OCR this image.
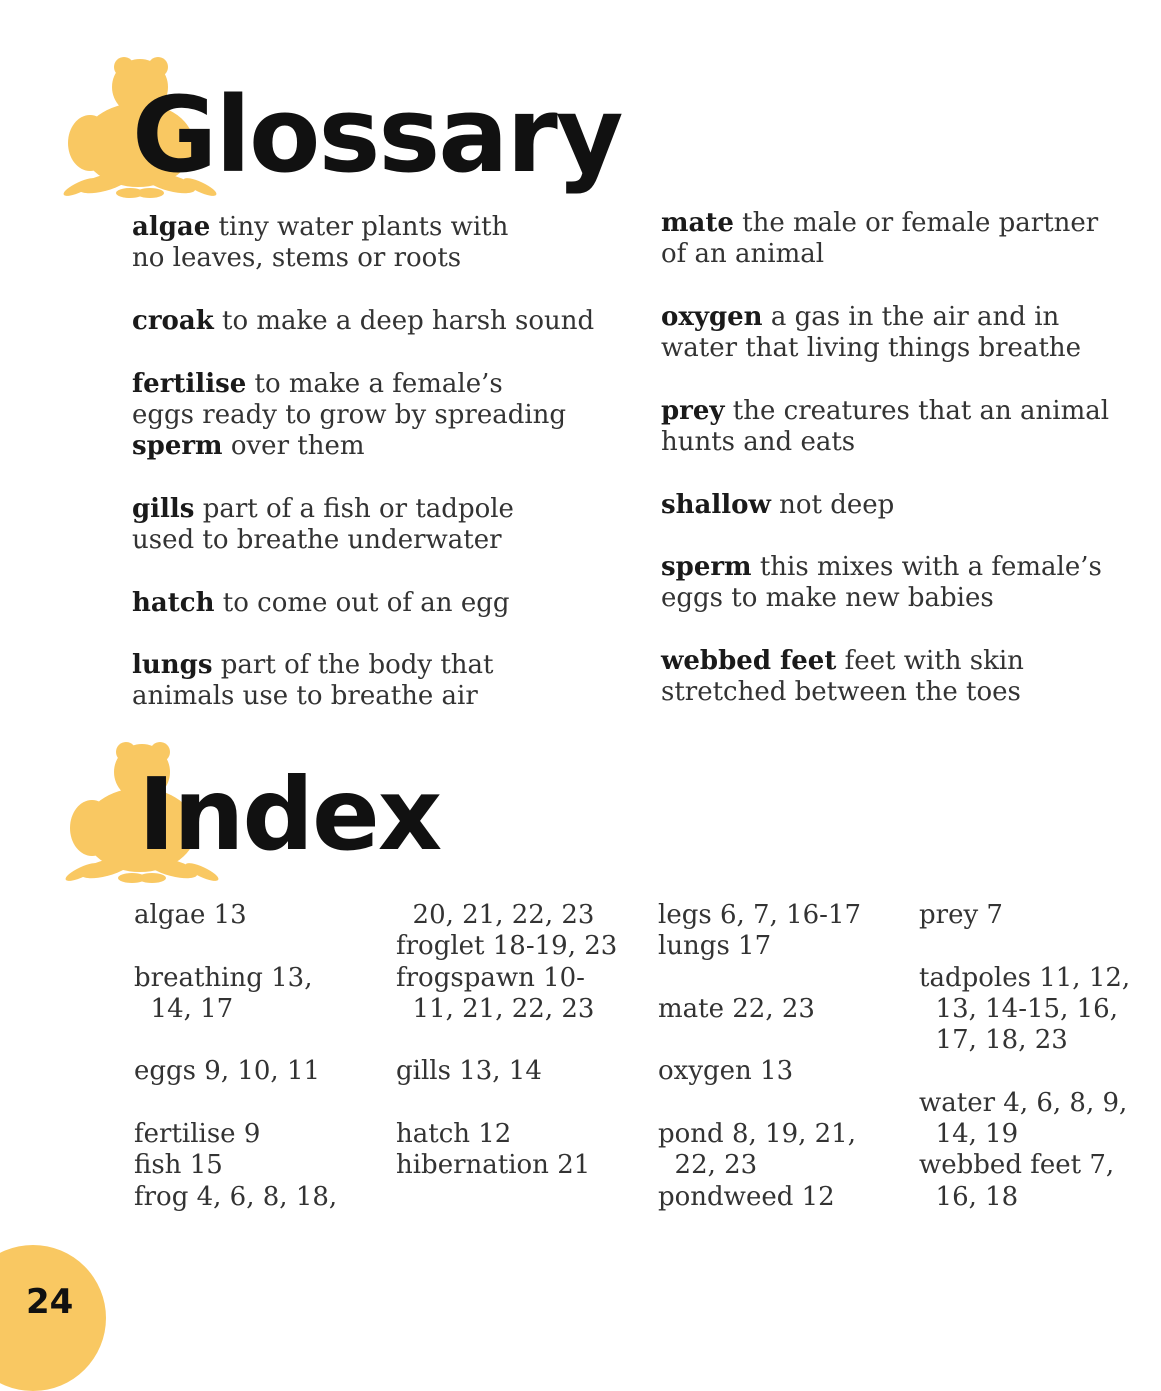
Glossary
algae tiny water plants with
no leaves, stems or roots
croak to make a deep harsh sound
fertilise to make a female’s
eggs ready to grow by spreading
sperm over them
gills part of a fish or tadpole
used to breathe underwater
hatch to come out of an egg
lungs part of the body that
animals use to breathe air
mate the male or female partner
of an animal
oxygen a gas in the air and in
water that living things breathe
prey the creatures that an animal
hunts and eats
shallow not deep
sperm this mixes with a female’s
eggs to make new babies
webbed feet feet with skin
stretched between the toes
Index
algae 13
breathing 13,
14, 17
eggs 9, 10, 11
fertilise 9
fish 15
frog 4, 6, 8, 18,
20, 21, 22, 23
froglet 18-19, 23
frogspawn 10-
11, 21, 22, 23
gills 13, 14
hatch 12
hibernation 21
legs 6, 7, 16-17
lungs 17
mate 22, 23
oxygen 13
pond 8, 19, 21,
22, 23
pondweed 12
prey 7
tadpoles 11, 12,
13, 14-15, 16,
17, 18, 23
water 4, 6, 8, 9,
14, 19
webbed feet 7,
16, 18
24
